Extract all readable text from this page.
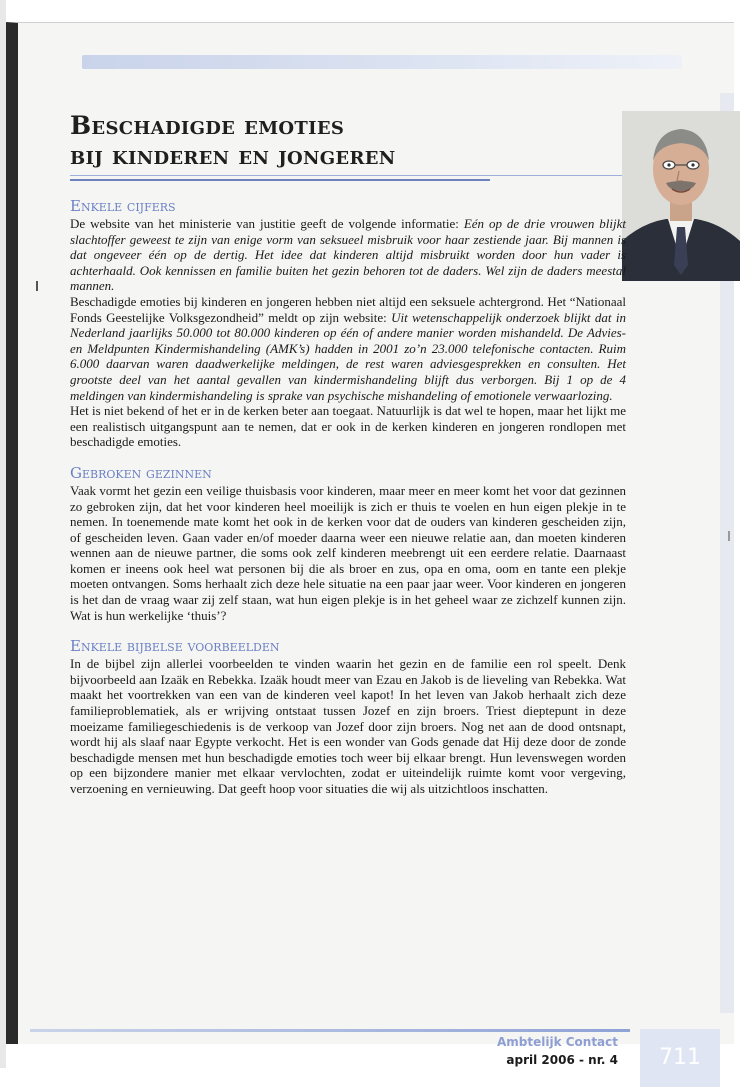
Beschadigde emoties
bij kinderen en jongeren
Enkele cijfers

De website van het ministerie van justitie geeft de volgende informatie: Eén op de drie vrouwen blijkt slachtoffer geweest te zijn van enige vorm van seksueel misbruik voor haar zestiende jaar. Bij mannen is dat ongeveer één op de dertig. Het idee dat kinderen altijd misbruikt worden door hun vader is achterhaald. Ook kennissen en familie buiten het gezin behoren tot de daders. Wel zijn de daders meestal mannen.

Beschadigde emoties bij kinderen en jongeren hebben niet altijd een seksuele achtergrond. Het “Nationaal Fonds Geestelijke Volksgezondheid” meldt op zijn website: Uit wetenschappelijk onderzoek blijkt dat in Nederland jaarlijks 50.000 tot 80.000 kinderen op één of andere manier worden mishandeld. De Advies- en Meldpunten Kindermishandeling (AMK’s) hadden in 2001 zo’n 23.000 telefonische contacten. Ruim 6.000 daarvan waren daadwerkelijke meldingen, de rest waren adviesgesprekken en consulten. Het grootste deel van het aantal gevallen van kindermishandeling blijft dus verborgen. Bij 1 op de 4 meldingen van kindermishandeling is sprake van psychische mishandeling of emotionele verwaarlozing.

Het is niet bekend of het er in de kerken beter aan toegaat. Natuurlijk is dat wel te hopen, maar het lijkt me een realistisch uitgangspunt aan te nemen, dat er ook in de kerken kinderen en jongeren rondlopen met beschadigde emoties.

Gebroken gezinnen

Vaak vormt het gezin een veilige thuisbasis voor kinderen, maar meer en meer komt het voor dat gezinnen zo gebroken zijn, dat het voor kinderen heel moeilijk is zich er thuis te voelen en hun eigen plekje in te nemen. In toenemende mate komt het ook in de kerken voor dat de ouders van kinderen gescheiden zijn, of gescheiden leven. Gaan vader en/of moeder daarna weer een nieuwe relatie aan, dan moeten kinderen wennen aan de nieuwe partner, die soms ook zelf kinderen meebrengt uit een eerdere relatie. Daarnaast komen er ineens ook heel wat personen bij die als broer en zus, opa en oma, oom en tante een plekje moeten ontvangen. Soms herhaalt zich deze hele situatie na een paar jaar weer. Voor kinderen en jongeren is het dan de vraag waar zij zelf staan, wat hun eigen plekje is in het geheel waar ze zichzelf kunnen zijn. Wat is hun werkelijke ‘thuis’?

Enkele bijbelse voorbeelden

In de bijbel zijn allerlei voorbeelden te vinden waarin het gezin en de familie een rol speelt. Denk bijvoorbeeld aan Izaäk en Rebekka. Izaäk houdt meer van Ezau en Jakob is de lieveling van Rebekka. Wat maakt het voortrekken van een van de kinderen veel kapot! In het leven van Jakob herhaalt zich deze familieproblematiek, als er wrijving ontstaat tussen Jozef en zijn broers. Triest dieptepunt in deze moeizame familiegeschiedenis is de verkoop van Jozef door zijn broers. Nog net aan de dood ontsnapt, wordt hij als slaaf naar Egypte verkocht. Het is een wonder van Gods genade dat Hij deze door de zonde beschadigde mensen met hun beschadigde emoties toch weer bij elkaar brengt. Hun levenswegen worden op een bijzondere manier met elkaar vervlochten, zodat er uiteindelijk ruimte komt voor vergeving, verzoening en vernieuwing. Dat geeft hoop voor situaties die wij als uitzichtloos inschatten.

Ambtelijk Contact
april 2006 - nr. 4	711
